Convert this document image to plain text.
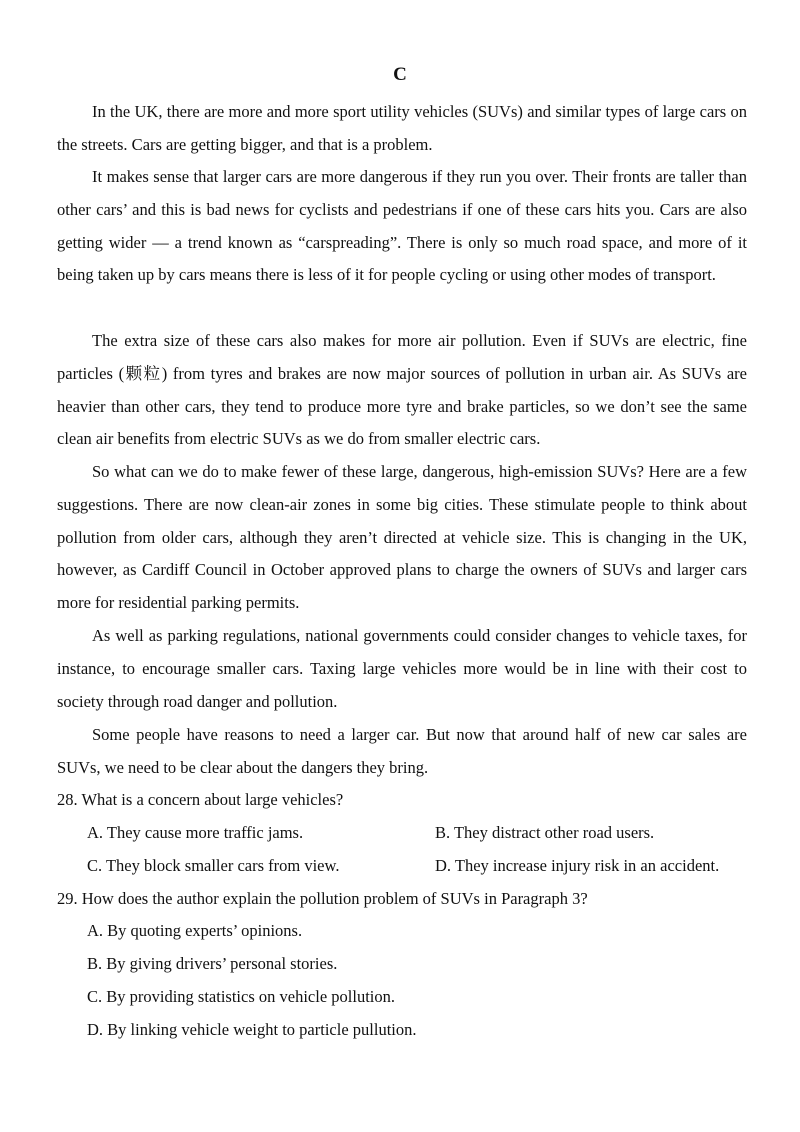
C

In the UK, there are more and more sport utility vehicles (SUVs) and similar types of large cars on the streets. Cars are getting bigger, and that is a problem.

It makes sense that larger cars are more dangerous if they run you over. Their fronts are taller than other cars’ and this is bad news for cyclists and pedestrians if one of these cars hits you. Cars are also getting wider — a trend known as “carspreading”. There is only so much road space, and more of it being taken up by cars means there is less of it for people cycling or using other modes of transport.

The extra size of these cars also makes for more air pollution. Even if SUVs are electric, fine particles (颗粒) from tyres and brakes are now major sources of pollution in urban air. As SUVs are heavier than other cars, they tend to produce more tyre and brake particles, so we don’t see the same clean air benefits from electric SUVs as we do from smaller electric cars.

So what can we do to make fewer of these large, dangerous, high-emission SUVs? Here are a few suggestions. There are now clean-air zones in some big cities. These stimulate people to think about pollution from older cars, although they aren’t directed at vehicle size. This is changing in the UK, however, as Cardiff Council in October approved plans to charge the owners of SUVs and larger cars more for residential parking permits.

As well as parking regulations, national governments could consider changes to vehicle taxes, for instance, to encourage smaller cars. Taxing large vehicles more would be in line with their cost to society through road danger and pollution.

Some people have reasons to need a larger car. But now that around half of new car sales are SUVs, we need to be clear about the dangers they bring.

28. What is a concern about large vehicles?
A. They cause more traffic jams.	B. They distract other road users.
C. They block smaller cars from view.	D. They increase injury risk in an accident.
29. How does the author explain the pollution problem of SUVs in Paragraph 3?
A. By quoting experts’ opinions.
B. By giving drivers’ personal stories.
C. By providing statistics on vehicle pollution.
D. By linking vehicle weight to particle pullution.
